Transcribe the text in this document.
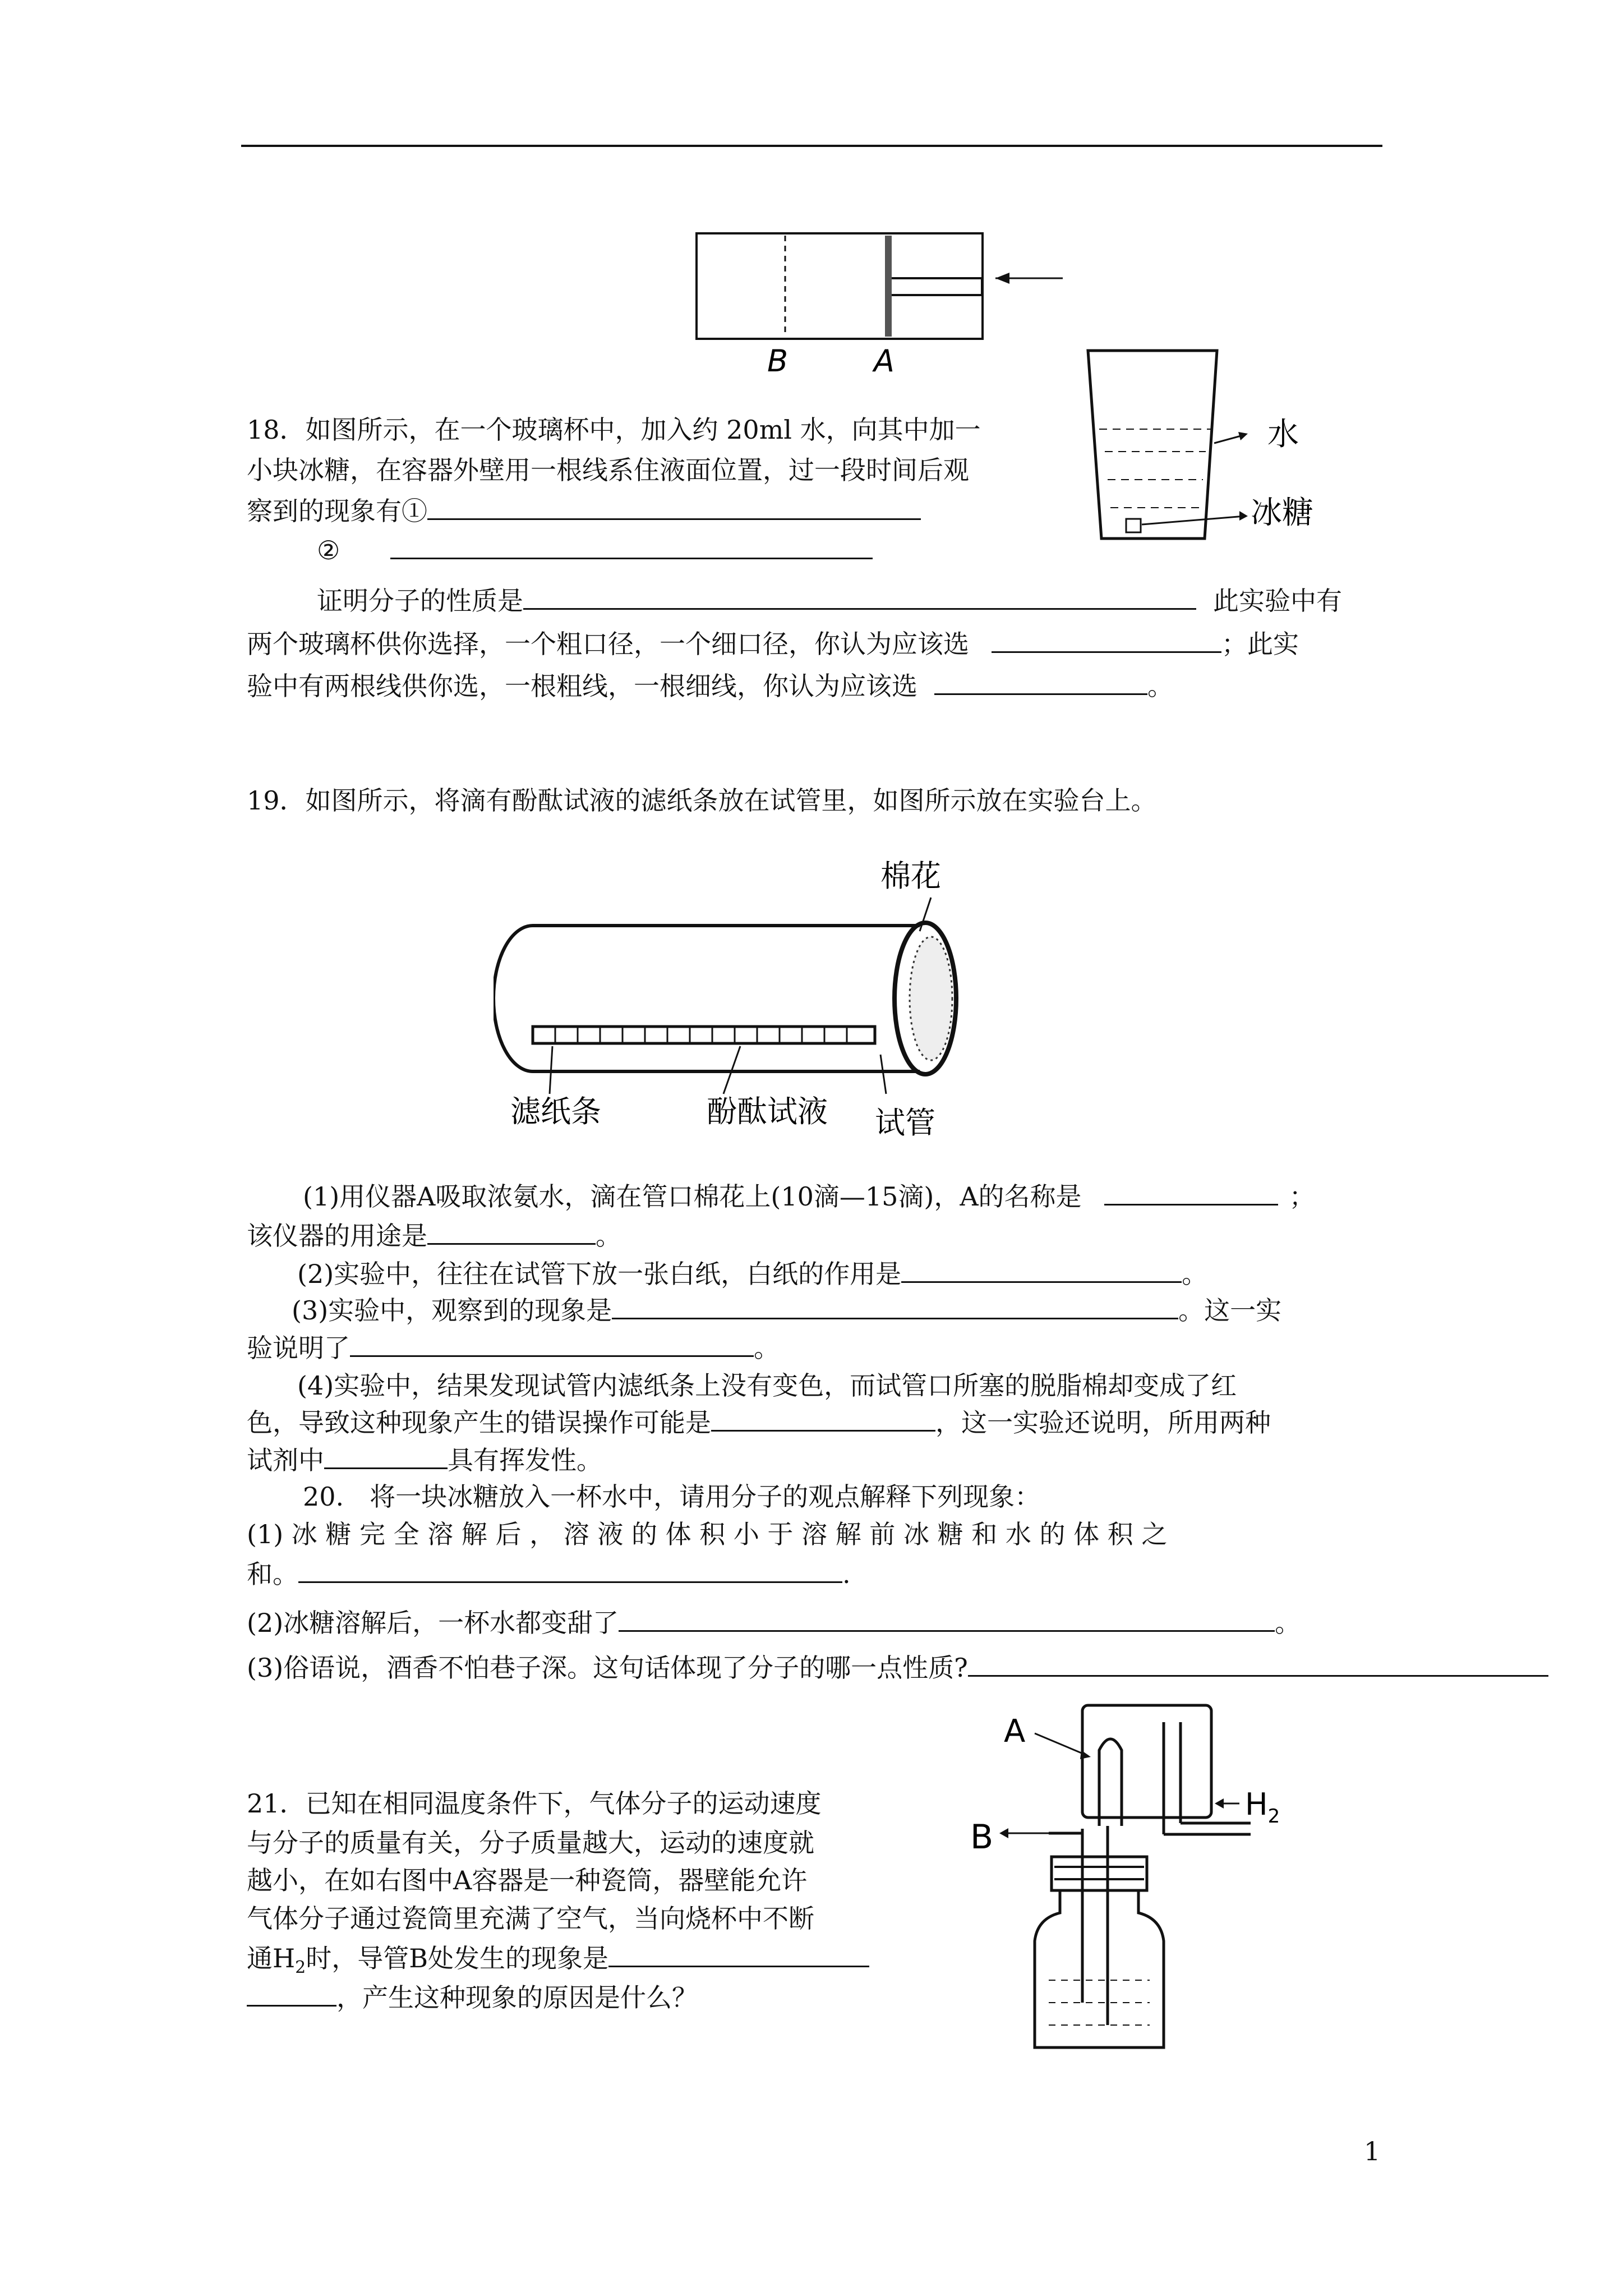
B	A
水
冰糖
18．如图所示，在一个玻璃杯中，加入约 20ml 水，向其中加一
小块冰糖，在容器外壁用一根线系住液面位置，过一段时间后观
察到的现象有①
②
证明分子的性质是	此实验中有
两个玻璃杯供你选择，一个粗口径，一个细口径，你认为应该选	；此实
验中有两根线供你选，一根粗线，一根细线，你认为应该选	。
19．如图所示，将滴有酚酞试液的滤纸条放在试管里，如图所示放在实验台上。
棉花
滤纸条	酚酞试液 试管
(1)用仪器A吸取浓氨水，滴在管口棉花上(10滴—15滴)，A的名称是	；
该仪器的用途是	。
(2)实验中，往往在试管下放一张白纸，白纸的作用是	。
(3)实验中，观察到的现象是	。这一实
验说明了	。
(4)实验中，结果发现试管内滤纸条上没有变色，而试管口所塞的脱脂棉却变成了红
色，导致这种现象产生的错误操作可能是	，这一实验还说明，所用两种
试剂中	具有挥发性。
20.　将一块冰糖放入一杯水中，请用分子的观点解释下列现象：
(1) 冰 糖 完 全 溶 解 后 ， 溶 液 的 体 积 小 于 溶 解 前 冰 糖 和 水 的 体 积 之
和。	.
(2)冰糖溶解后，一杯水都变甜了	。
(3)俗语说，酒香不怕巷子深。这句话体现了分子的哪一点性质?
A
$H_2$
B
21．已知在相同温度条件下，气体分子的运动速度
与分子的质量有关，分子质量越大，运动的速度就
越小，在如右图中A容器是一种瓷筒，器壁能允许
气体分子通过瓷筒里充满了空气，当向烧杯中不断
通$H_2$时，导管B处发生的现象是
，产生这种现象的原因是什么？
1
